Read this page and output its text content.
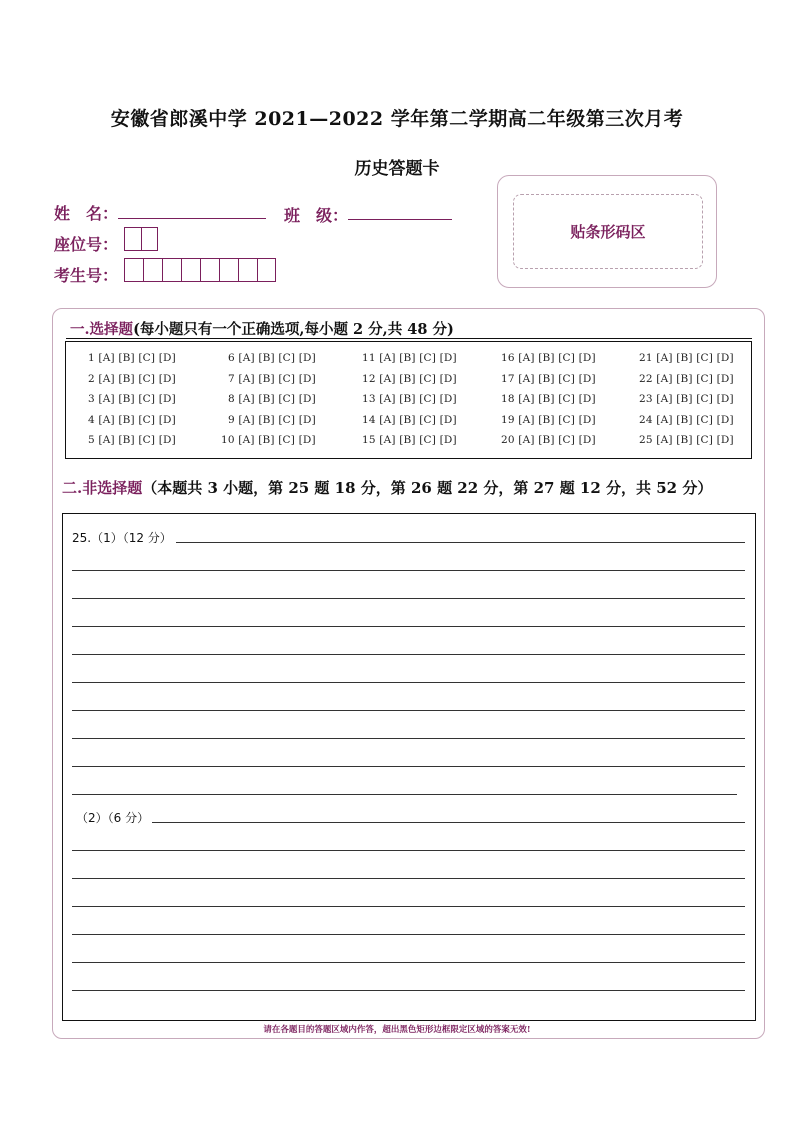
安徽省郎溪中学 2021—2022 学年第二学期高二年级第三次月考
历史答题卡
姓　名：	班　级：
座位号：
考生号：
贴条形码区
一.选择题(每小题只有一个正确选项,每小题 2 分,共 48 分)
1 [A] [B] [C] [D]
2 [A] [B] [C] [D]
3 [A] [B] [C] [D]
4 [A] [B] [C] [D]
5 [A] [B] [C] [D]
6 [A] [B] [C] [D]
7 [A] [B] [C] [D]
8 [A] [B] [C] [D]
9 [A] [B] [C] [D]
10 [A] [B] [C] [D]
11 [A] [B] [C] [D]
12 [A] [B] [C] [D]
13 [A] [B] [C] [D]
14 [A] [B] [C] [D]
15 [A] [B] [C] [D]
16 [A] [B] [C] [D]
17 [A] [B] [C] [D]
18 [A] [B] [C] [D]
19 [A] [B] [C] [D]
20 [A] [B] [C] [D]
21 [A] [B] [C] [D]
22 [A] [B] [C] [D]
23 [A] [B] [C] [D]
24 [A] [B] [C] [D]
25 [A] [B] [C] [D]
二.非选择题（本题共 3 小题，第 25 题 18 分，第 26 题 22 分，第 27 题 12 分，共 52 分）
25.（1）（12 分）
（2）（6 分）
请在各题目的答题区域内作答，超出黑色矩形边框限定区域的答案无效!
